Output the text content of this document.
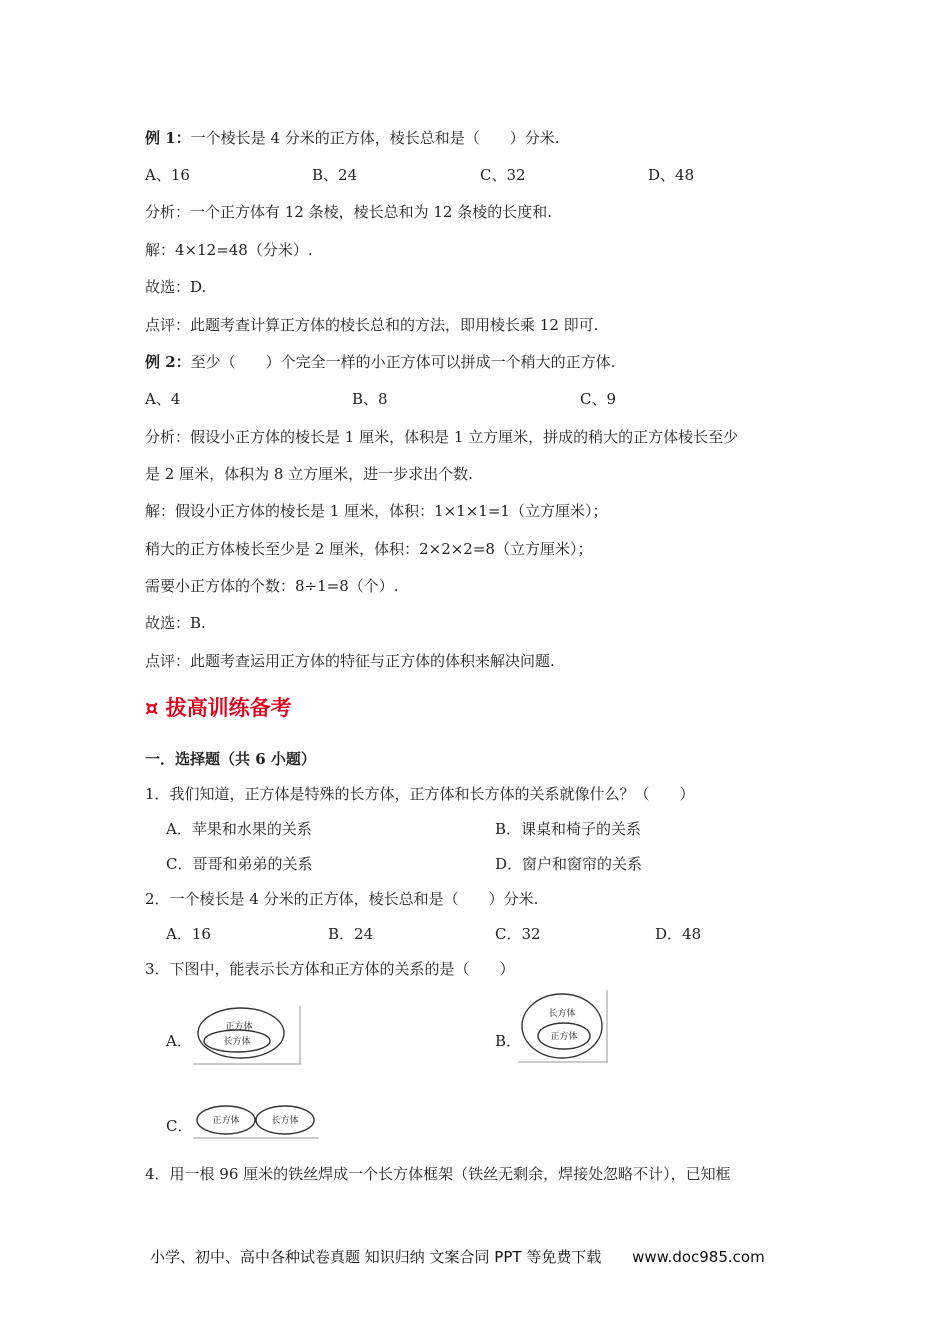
例 1：一个棱长是 4 分米的正方体，棱长总和是（　　）分米.
A、16	B、24	C、32	D、48
分析：一个正方体有 12 条棱，棱长总和为 12 条棱的长度和.
解：4×12=48（分米）.
故选：D.
点评：此题考查计算正方体的棱长总和的方法，即用棱长乘 12 即可.
例 2：至少（　　）个完全一样的小正方体可以拼成一个稍大的正方体.
A、4	B、8	C、9
分析：假设小正方体的棱长是 1 厘米，体积是 1 立方厘米，拼成的稍大的正方体棱长至少
是 2 厘米，体积为 8 立方厘米，进一步求出个数.
解：假设小正方体的棱长是 1 厘米，体积：1×1×1=1（立方厘米）；
稍大的正方体棱长至少是 2 厘米，体积：2×2×2=8（立方厘米）；
需要小正方体的个数：8÷1=8（个）.
故选：B.
点评：此题考查运用正方体的特征与正方体的体积来解决问题.
¤ 拔高训练备考
一．选择题（共 6 小题）
1．我们知道，正方体是特殊的长方体，正方体和长方体的关系就像什么？（　　）
A．苹果和水果的关系	B．课桌和椅子的关系
C．哥哥和弟弟的关系	D．窗户和窗帘的关系
2．一个棱长是 4 分米的正方体，棱长总和是（　　）分米.
A．16	B．24	C．32	D．48
3．下图中，能表示长方体和正方体的关系的是（　　）
A．
正方体
长方体	B．
长方体
正方体
C． 正方体	长方体
4．用一根 96 厘米的铁丝焊成一个长方体框架（铁丝无剩余，焊接处忽略不计），已知框
小学、初中、高中各种试卷真题 知识归纳 文案合同 PPT 等免费下载 www.doc985.com
